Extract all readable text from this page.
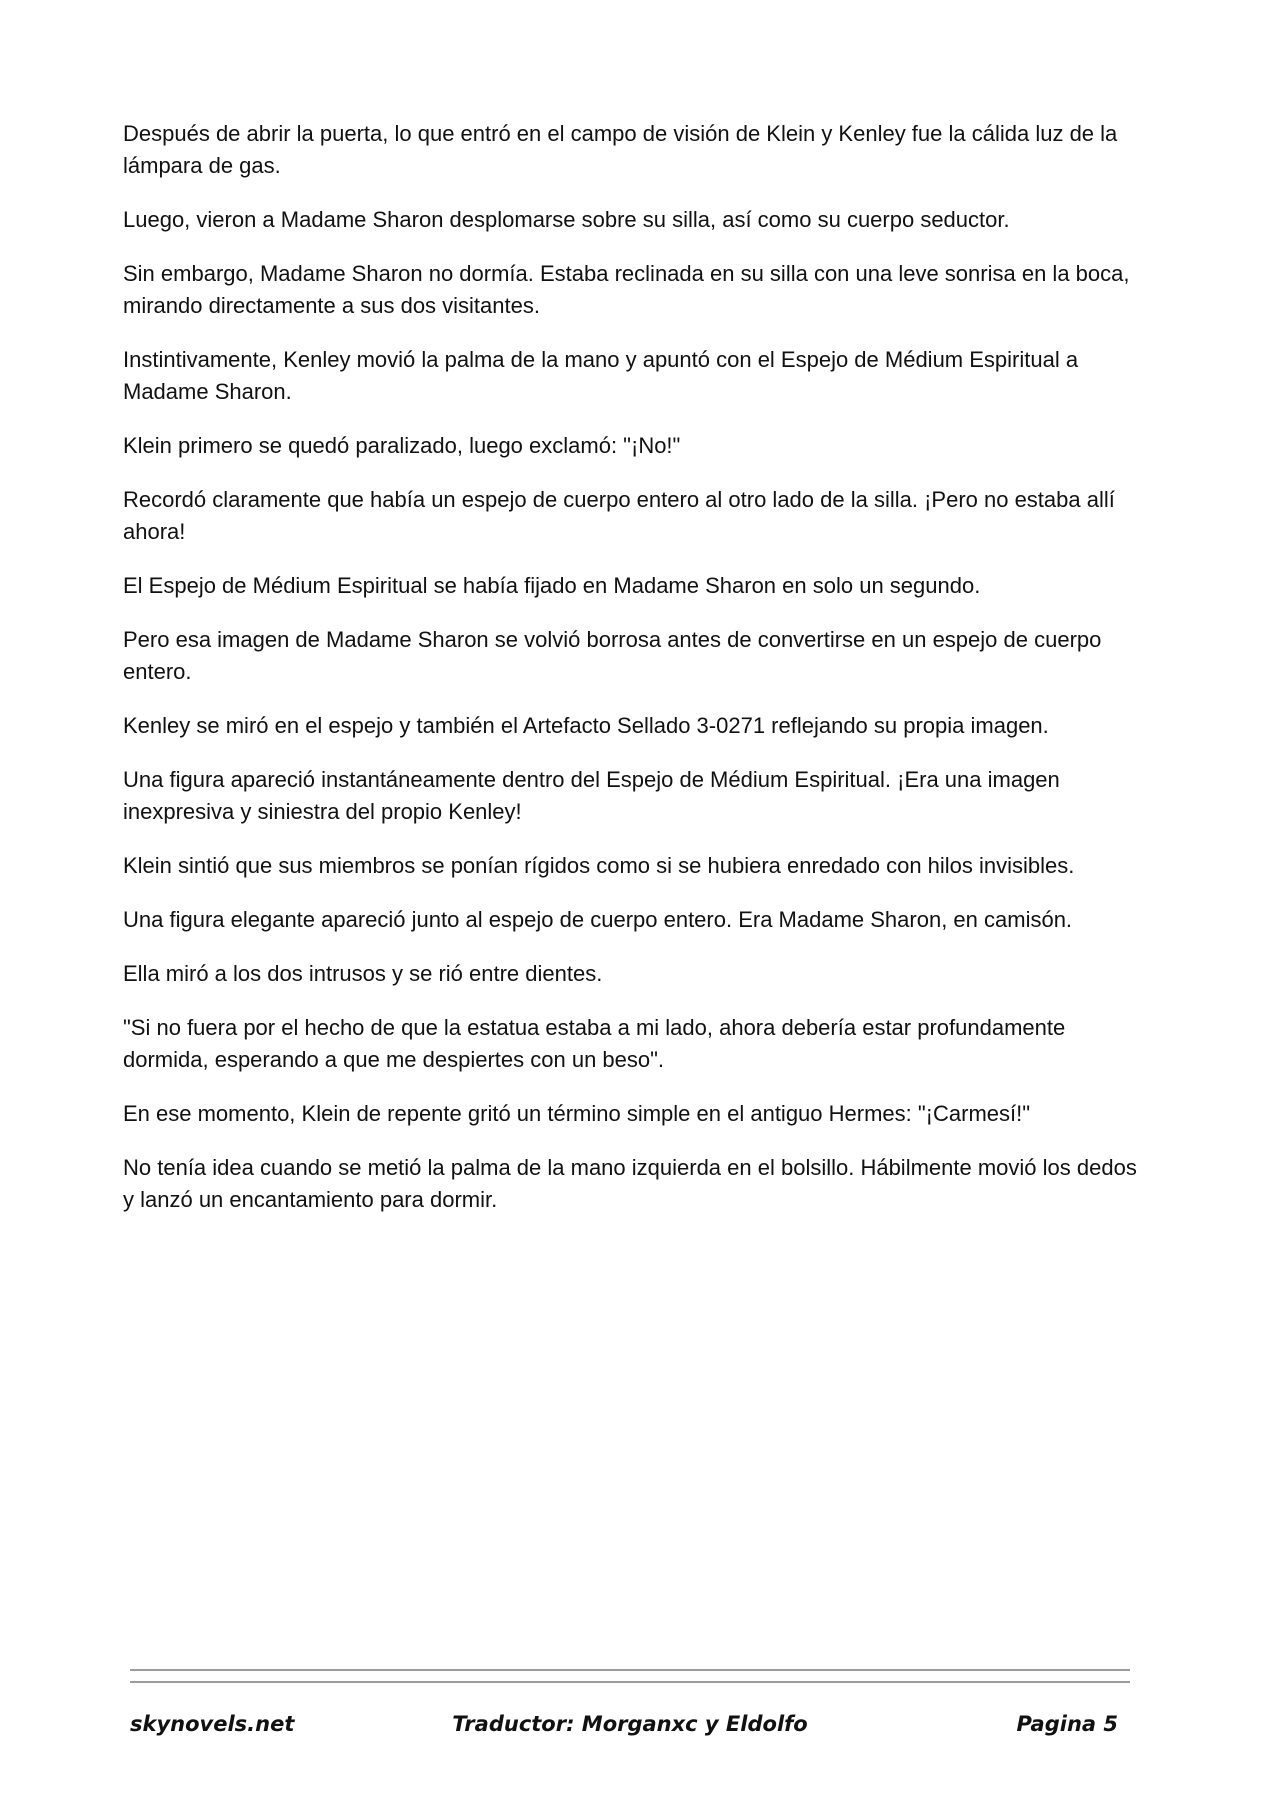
Después de abrir la puerta, lo que entró en el campo de visión de Klein y Kenley fue la cálida luz de la lámpara de gas.

Luego, vieron a Madame Sharon desplomarse sobre su silla, así como su cuerpo seductor.

Sin embargo, Madame Sharon no dormía. Estaba reclinada en su silla con una leve sonrisa en la boca, mirando directamente a sus dos visitantes.

Instintivamente, Kenley movió la palma de la mano y apuntó con el Espejo de Médium Espiritual a Madame Sharon.

Klein primero se quedó paralizado, luego exclamó: "¡No!"

Recordó claramente que había un espejo de cuerpo entero al otro lado de la silla. ¡Pero no estaba allí ahora!

El Espejo de Médium Espiritual se había fijado en Madame Sharon en solo un segundo.

Pero esa imagen de Madame Sharon se volvió borrosa antes de convertirse en un espejo de cuerpo entero.

Kenley se miró en el espejo y también el Artefacto Sellado 3-0271 reflejando su propia imagen.

Una figura apareció instantáneamente dentro del Espejo de Médium Espiritual. ¡Era una imagen inexpresiva y siniestra del propio Kenley!

Klein sintió que sus miembros se ponían rígidos como si se hubiera enredado con hilos invisibles.

Una figura elegante apareció junto al espejo de cuerpo entero. Era Madame Sharon, en camisón.

Ella miró a los dos intrusos y se rió entre dientes.

"Si no fuera por el hecho de que la estatua estaba a mi lado, ahora debería estar profundamente dormida, esperando a que me despiertes con un beso".

En ese momento, Klein de repente gritó un término simple en el antiguo Hermes: "¡Carmesí!"

No tenía idea cuando se metió la palma de la mano izquierda en el bolsillo. Hábilmente movió los dedos y lanzó un encantamiento para dormir.

skynovels.net	Traductor: Morganxc y Eldolfo	Pagina 5
